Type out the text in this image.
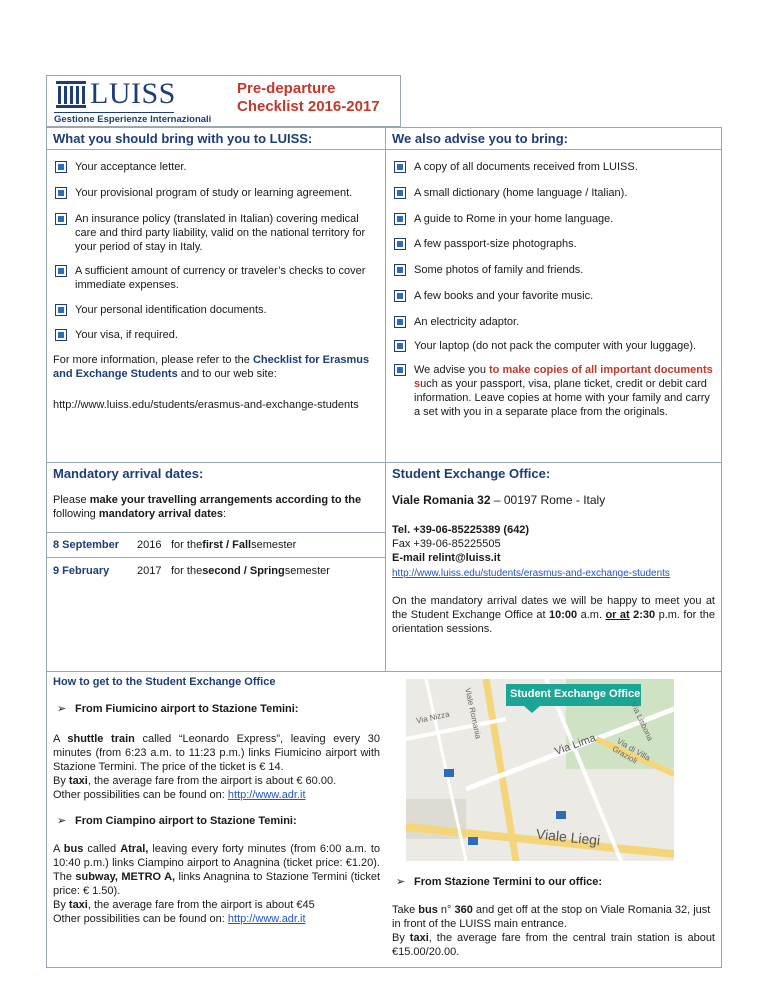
LUISS
Gestione Esperienze Internazionali
Pre-departure
Checklist 2016-2017
What you should bring with you to LUISS:
Your acceptance letter.
Your provisional program of study or learning agreement.
An insurance policy (translated in Italian) covering medical care and third party liability, valid on the national territory for your period of stay in Italy.
A sufficient amount of currency or traveler’s checks to cover immediate expenses.
Your personal identification documents.
Your visa, if required.

For more information, please refer to the Checklist for Erasmus and Exchange Students and to our web site:

http://www.luiss.edu/students/erasmus-and-exchange-students

We also advise you to bring:
A copy of all documents received from LUISS.
A small dictionary (home language / Italian).
A guide to Rome in your home language.
A few passport-size photographs.
Some photos of family and friends.
A few books and your favorite music.
An electricity adaptor.
Your laptop (do not pack the computer with your luggage).
We advise you to make copies of all important documents such as your passport, visa, plane ticket, credit or debit card information. Leave copies at home with your family and carry a set with you in a separate place from the originals.
Mandatory arrival dates:

Please make your travelling arrangements according to the following mandatory arrival dates:

8 September	2016 for the first / Fall semester
9 February	2017 for the second / Spring semester
Student Exchange Office:

Viale Romania 32 – 00197 Rome - Italy

Tel. +39-06-85225389 (642)

Fax +39-06-85225505

E-mail relint@luiss.it

http://www.luiss.edu/students/erasmus-and-exchange-students

On the mandatory arrival dates we will be happy to meet you at the Student Exchange Office at 10:00 a.m. or at 2:30 p.m. for the orientation sessions.

How to get to the Student Exchange Office

➢ From Fiumicino airport to Stazione Temini:

A shuttle train called “Leonardo Express”, leaving every 30 minutes (from 6:23 a.m. to 11:23 p.m.) links Fiumicino airport with Stazione Termini. The price of the ticket is € 14.

By taxi, the average fare from the airport is about € 60.00.

Other possibilities can be found on: http://www.adr.it

➢ From Ciampino airport to Stazione Temini:

A bus called Atral, leaving every forty minutes (from 6:00 a.m. to 10:40 p.m.) links Ciampino airport to Anagnina (ticket price: €1.20). The subway, METRO A, links Anagnina to Stazione Termini (ticket price: € 1.50).

By taxi, the average fare from the airport is about €45

Other possibilities can be found on: http://www.adr.it

Student Exchange Office
Viale Romania
Via Nizza
Via Lima
Viale Liegi
Via di Villa Grazioli
Via Lisbona

➢ From Stazione Termini to our office:

Take bus n° 360 and get off at the stop on Viale Romania 32, just in front of the LUISS main entrance.

By taxi, the average fare from the central train station is about €15.00/20.00.
